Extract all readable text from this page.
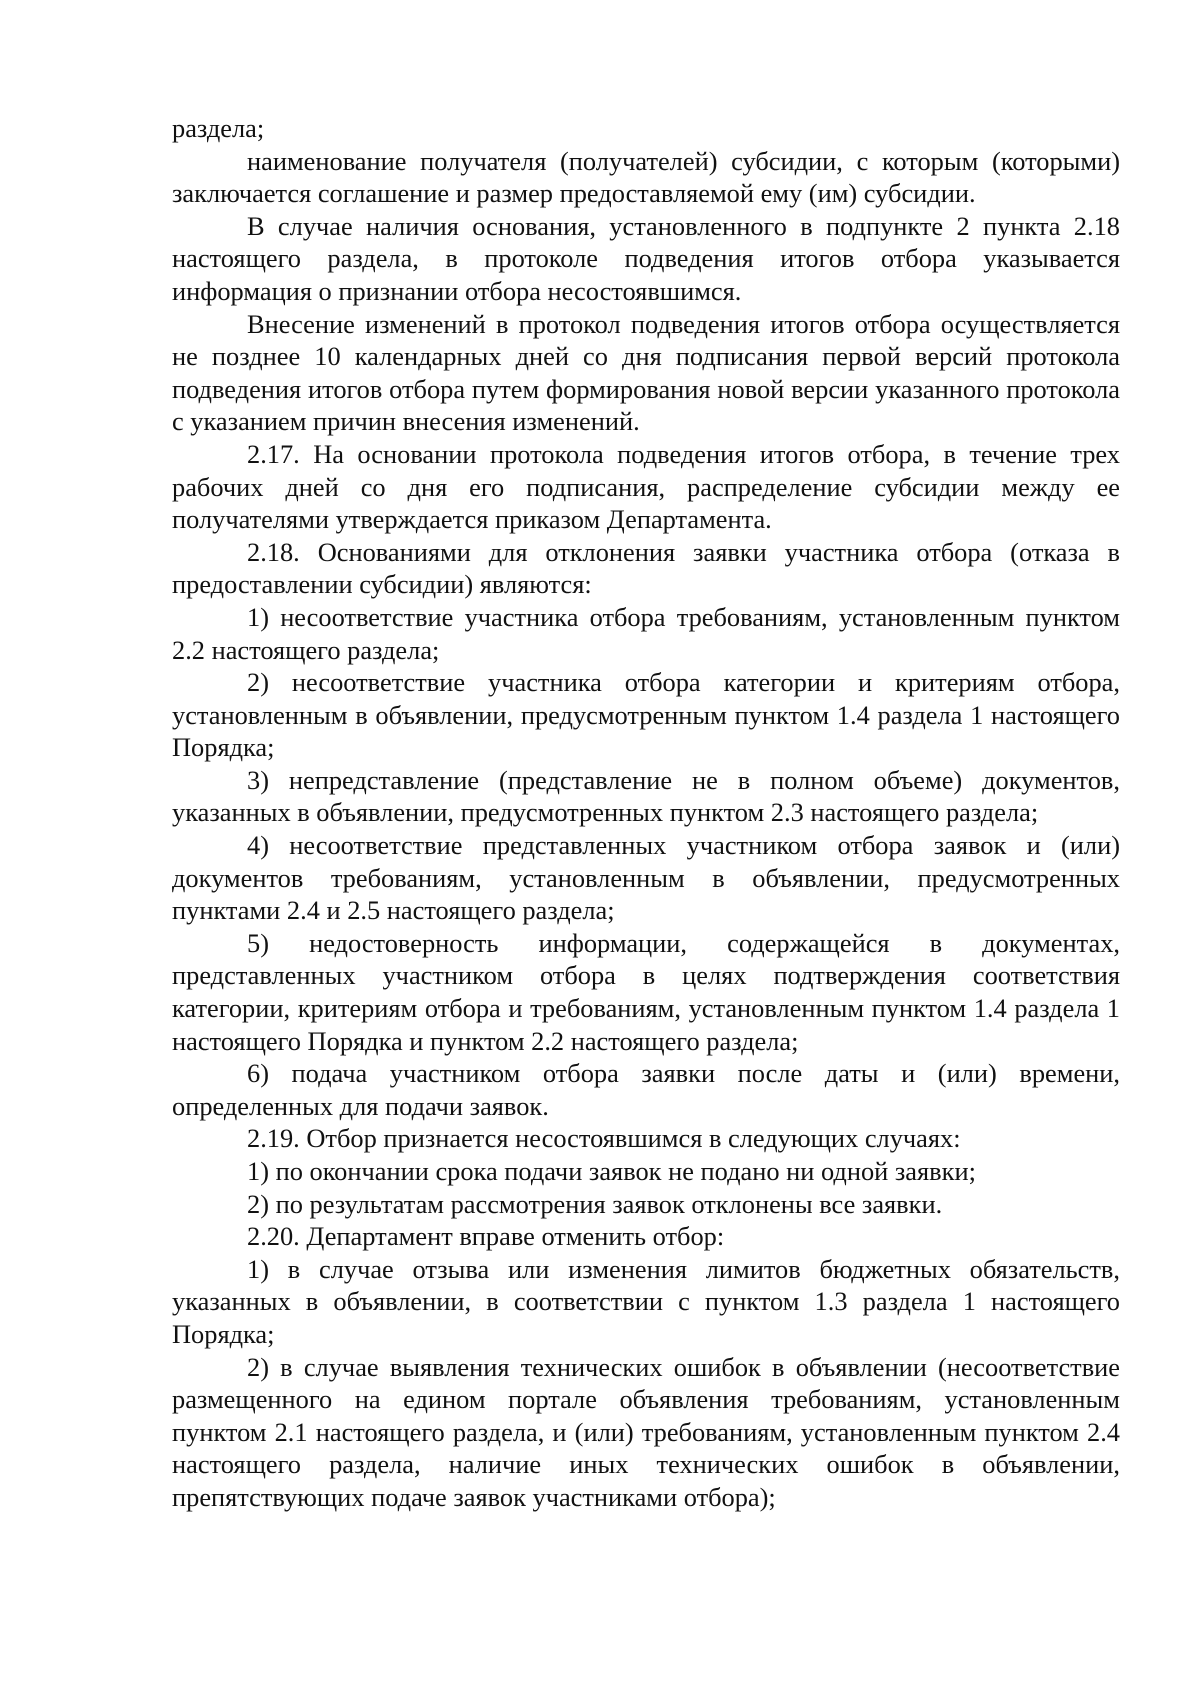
раздела;

наименование получателя (получателей) субсидии, с которым (которыми) заключается соглашение и размер предоставляемой ему (им) субсидии.

В случае наличия основания, установленного в подпункте 2 пункта 2.18 настоящего раздела, в протоколе подведения итогов отбора указывается информация о признании отбора несостоявшимся.

Внесение изменений в протокол подведения итогов отбора осуществляется не позднее 10 календарных дней со дня подписания первой версий протокола подведения итогов отбора путем формирования новой версии указанного протокола с указанием причин внесения изменений.

2.17. На основании протокола подведения итогов отбора, в течение трех рабочих дней со дня его подписания, распределение субсидии между ее получателями утверждается приказом Департамента.

2.18. Основаниями для отклонения заявки участника отбора (отказа в предоставлении субсидии) являются:

1) несоответствие участника отбора требованиям, установленным пунктом 2.2 настоящего раздела;

2) несоответствие участника отбора категории и критериям отбора, установленным в объявлении, предусмотренным пунктом 1.4 раздела 1 настоящего Порядка;

3) непредставление (представление не в полном объеме) документов, указанных в объявлении, предусмотренных пунктом 2.3 настоящего раздела;

4) несоответствие представленных участником отбора заявок и (или) документов требованиям, установленным в объявлении, предусмотренных пунктами 2.4 и 2.5 настоящего раздела;

5) недостоверность информации, содержащейся в документах, представленных участником отбора в целях подтверждения соответствия категории, критериям отбора и требованиям, установленным пунктом 1.4 раздела 1 настоящего Порядка и пунктом 2.2 настоящего раздела;

6) подача участником отбора заявки после даты и (или) времени, определенных для подачи заявок.

2.19. Отбор признается несостоявшимся в следующих случаях:

1) по окончании срока подачи заявок не подано ни одной заявки;

2) по результатам рассмотрения заявок отклонены все заявки.

2.20. Департамент вправе отменить отбор:

1) в случае отзыва или изменения лимитов бюджетных обязательств, указанных в объявлении, в соответствии с пунктом 1.3 раздела 1 настоящего Порядка;

2) в случае выявления технических ошибок в объявлении (несоответствие размещенного на едином портале объявления требованиям, установленным пунктом 2.1 настоящего раздела, и (или) требованиям, установленным пунктом 2.4 настоящего раздела, наличие иных технических ошибок в объявлении, препятствующих подаче заявок участниками отбора);
